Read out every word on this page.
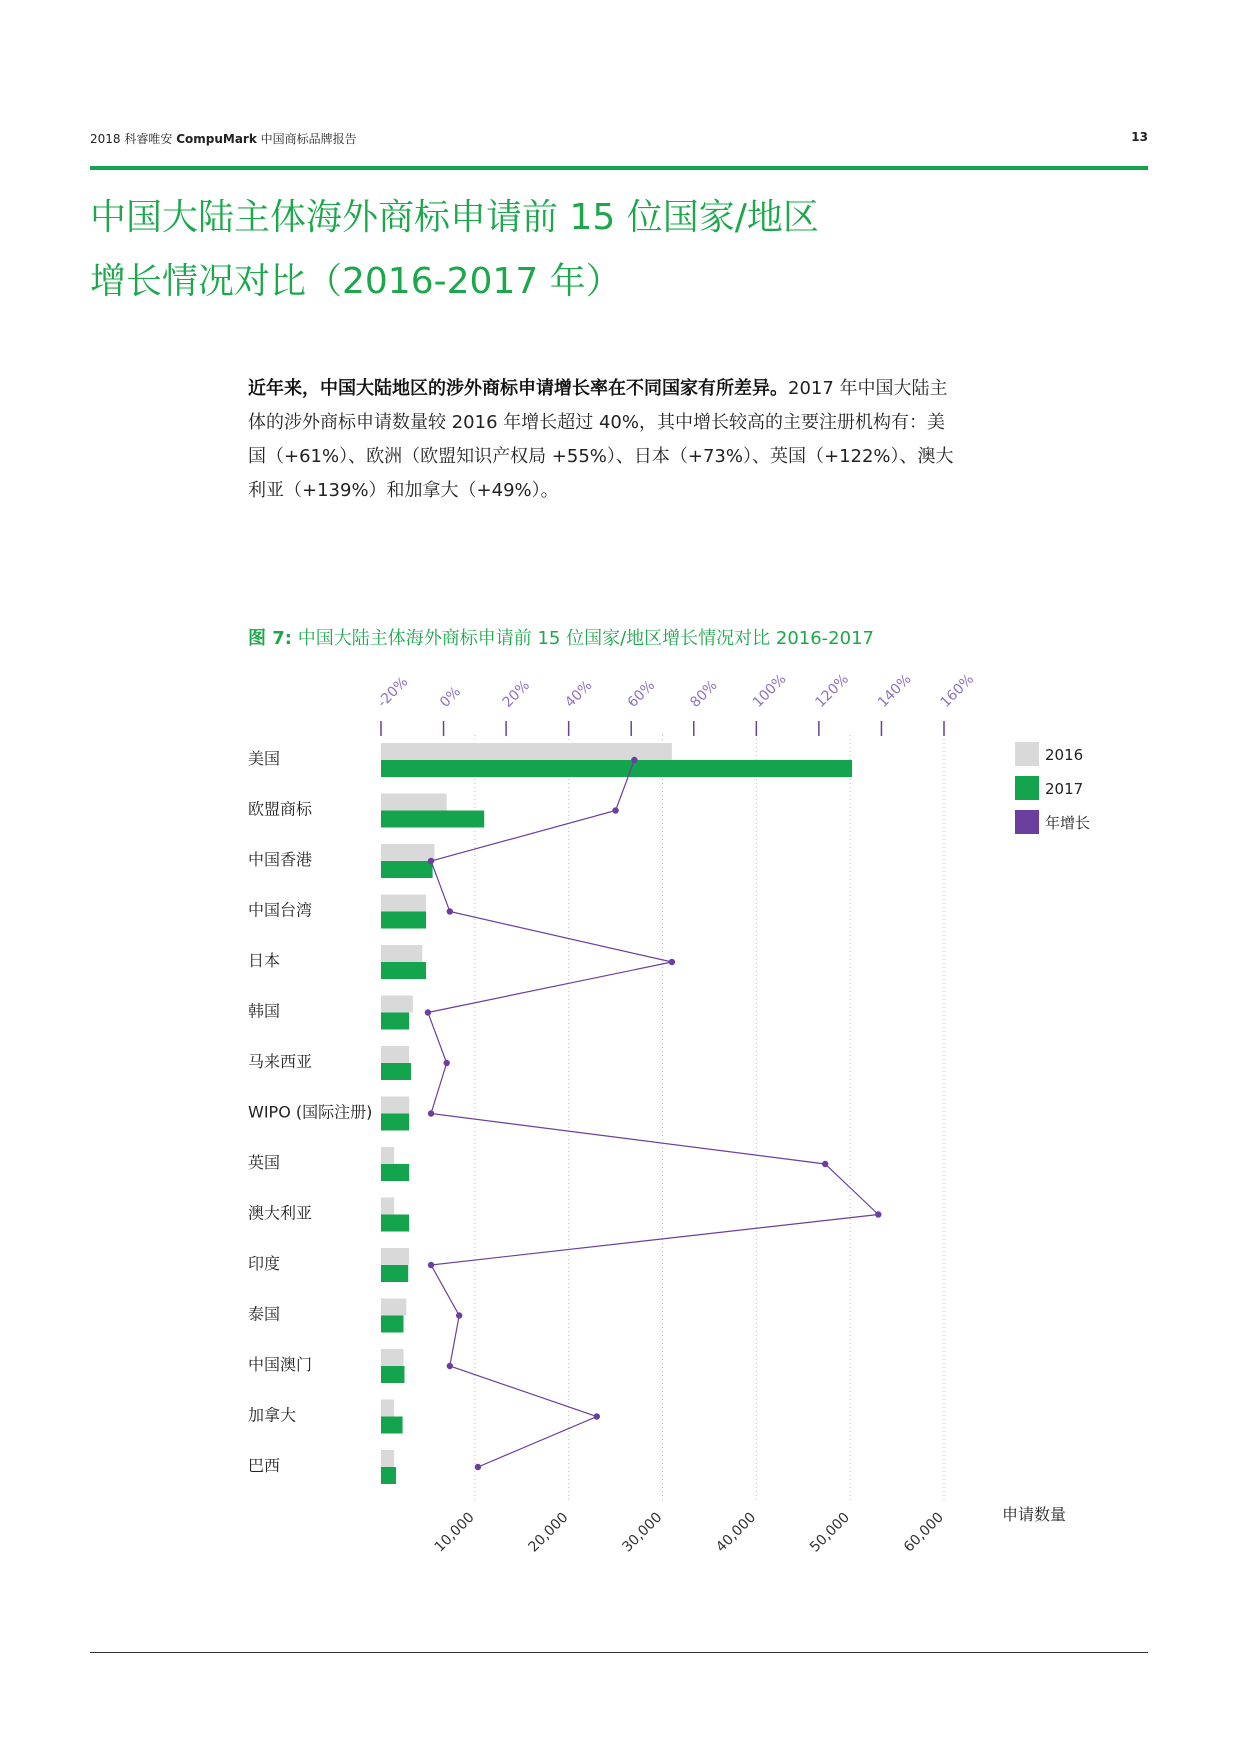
2018 科睿唯安 CompuMark 中国商标品牌报告	13
中国大陆主体海外商标申请前 15 位国家/地区
增长情况对比（2016-2017 年）
近年来，中国大陆地区的涉外商标申请增长率在不同国家有所差异。2017 年中国大陆主体的涉外商标申请数量较 2016 年增长超过 40%，其中增长较高的主要注册机构有：美国（+61%）、欧洲（欧盟知识产权局 +55%）、日本（+73%）、英国（+122%）、澳大利亚（+139%）和加拿大（+49%）。
图 7: 中国大陆主体海外商标申请前 15 位国家/地区增长情况对比 2016-2017
-20% 0%	20% 40% 60% 80% 100% 120% 140% 160%
10,000	20,000	30,000	40,000	50,000	60,000	申请数量
美国
欧盟商标
中国香港
中国台湾
日本
韩国
马来西亚
WIPO (国际注册)
英国
澳大利亚
印度
泰国
中国澳门
加拿大
巴西
2016
2017
年增长
